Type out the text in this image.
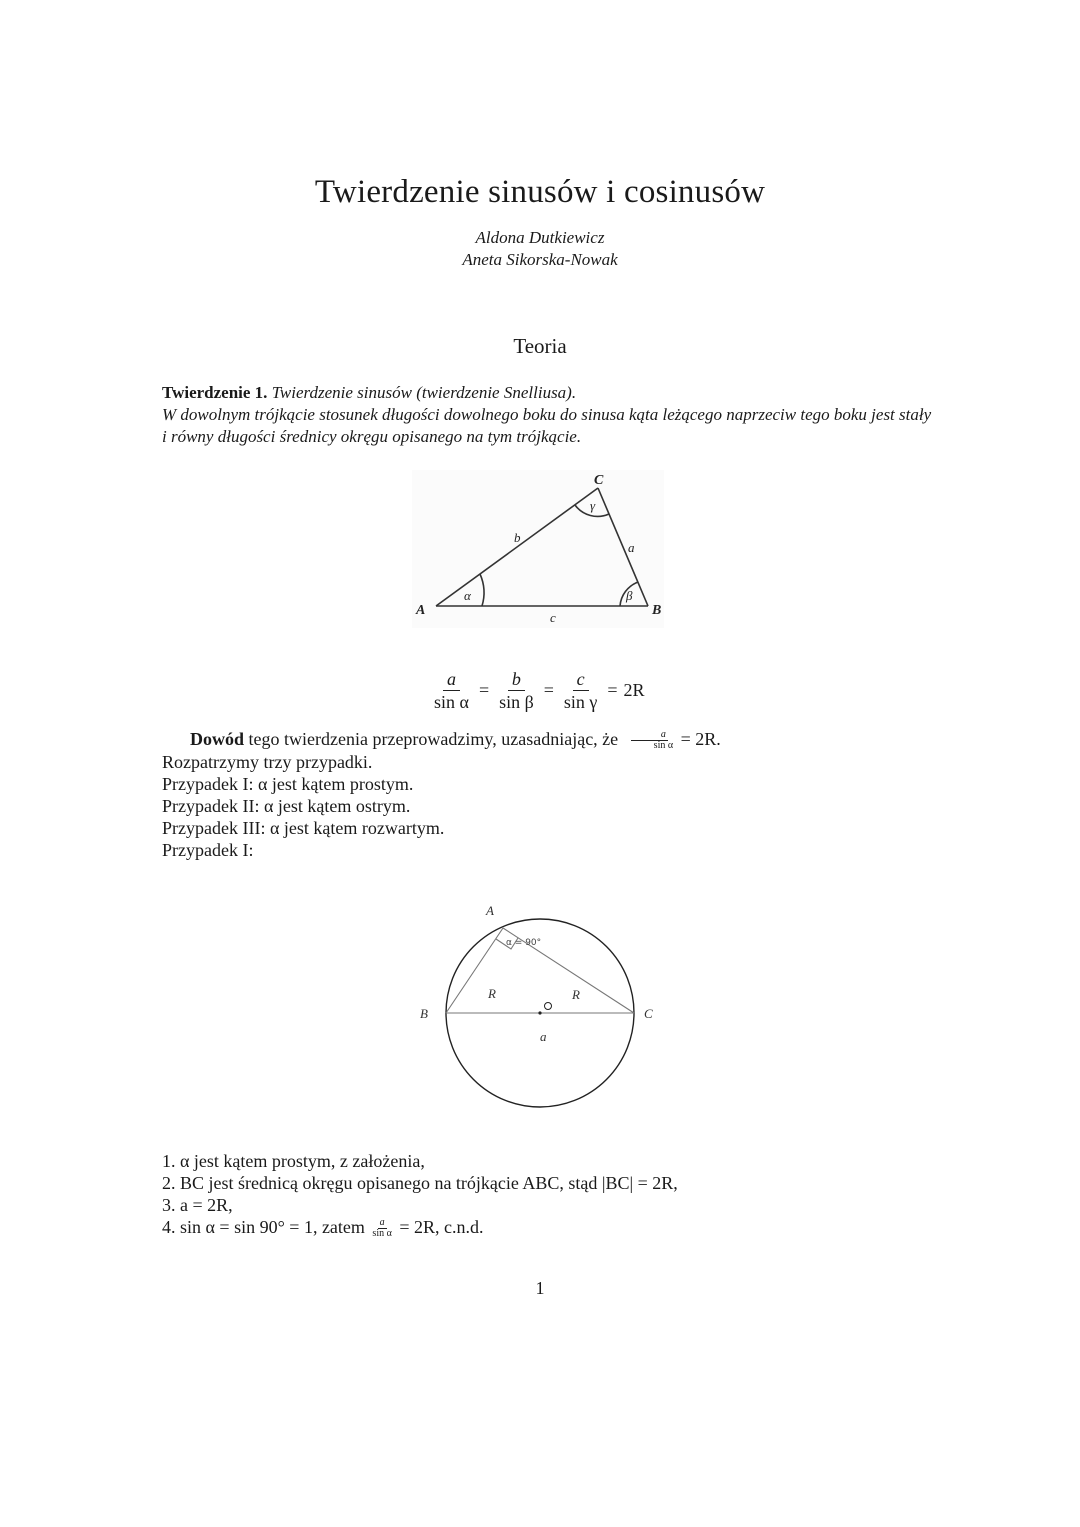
Twierdzenie sinusów i cosinusów
Aldona Dutkiewicz
Aneta Sikorska-Nowak
Teoria

Twierdzenie 1. Twierdzenie sinusów (twierdzenie Snelliusa).

W dowolnym trójkącie stosunek długości dowolnego boku do sinusa kąta leżącego naprzeciw tego boku jest stały i równy długości średnicy okręgu opisanego na tym trójkącie.

A	B
C
b
a
c
α	β
γ
$\frac{a}{\text{sin α}} = \frac{b}{\text{sin β}} = \frac{c}{\text{sin γ}} = 2R$

Dowód tego twierdzenia przeprowadzimy, uzasadniając, że $\frac{a}{\text{sin α}} = 2R$.

Rozpatrzymy trzy przypadki.

Przypadek I: α jest kątem prostym.

Przypadek II: α jest kątem ostrym.

Przypadek III: α jest kątem rozwartym.

Przypadek I:

A
B	C
R	R
a
α = 90°

1. α jest kątem prostym, z założenia,

2. BC jest średnicą okręgu opisanego na trójkącie ABC, stąd |BC| = 2R,

3. a = 2R,

4. sin α = sin 90° = 1, zatem $\frac{a}{\text{sin α}} = 2R$, c.n.d.

1
